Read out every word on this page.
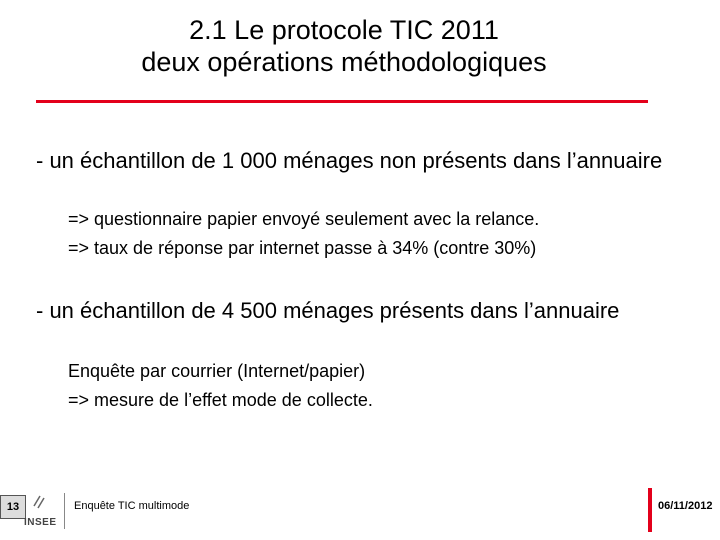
2.1 Le protocole TIC 2011
deux opérations méthodologiques
- un échantillon de 1 000 ménages non présents dans l’annuaire
=> questionnaire papier envoyé seulement avec la relance.
=> taux de réponse par internet passe à 34% (contre 30%)
- un échantillon de 4 500 ménages présents dans l’annuaire
Enquête par courrier (Internet/papier)
=> mesure de l’effet mode de collecte.
13
INSEE
Enquête TIC multimode	06/11/2012
